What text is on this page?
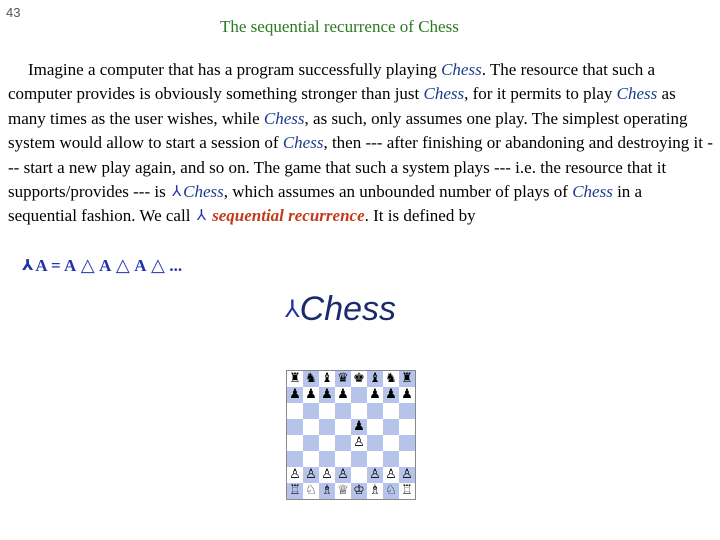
43
The sequential recurrence of Chess
Imagine a computer that has a program successfully playing Chess. The resource that such a computer provides is obviously something stronger than just Chess, for it permits to play Chess as many times as the user wishes, while Chess, as such, only assumes one play. The simplest operating system would allow to start a session of Chess, then --- after finishing or abandoning and destroying it --- start a new play again, and so on. The game that such a system plays --- i.e. the resource that it supports/provides --- is ⅄ Chess, which assumes an unbounded number of plays of Chess in a sequential fashion. We call ⅄ sequential recurrence. It is defined by
⅄ A = A △ A △ A △ ...
⅄Chess
♜ ♞ ♝ ♛ ♚ ♝ ♞ ♜
♟ ♟ ♟ ♟ ♟ ♟ ♟
♟
♙
♙ ♙ ♙ ♙ ♙ ♙ ♙
♖ ♘ ♗ ♕ ♔ ♗ ♘ ♖
